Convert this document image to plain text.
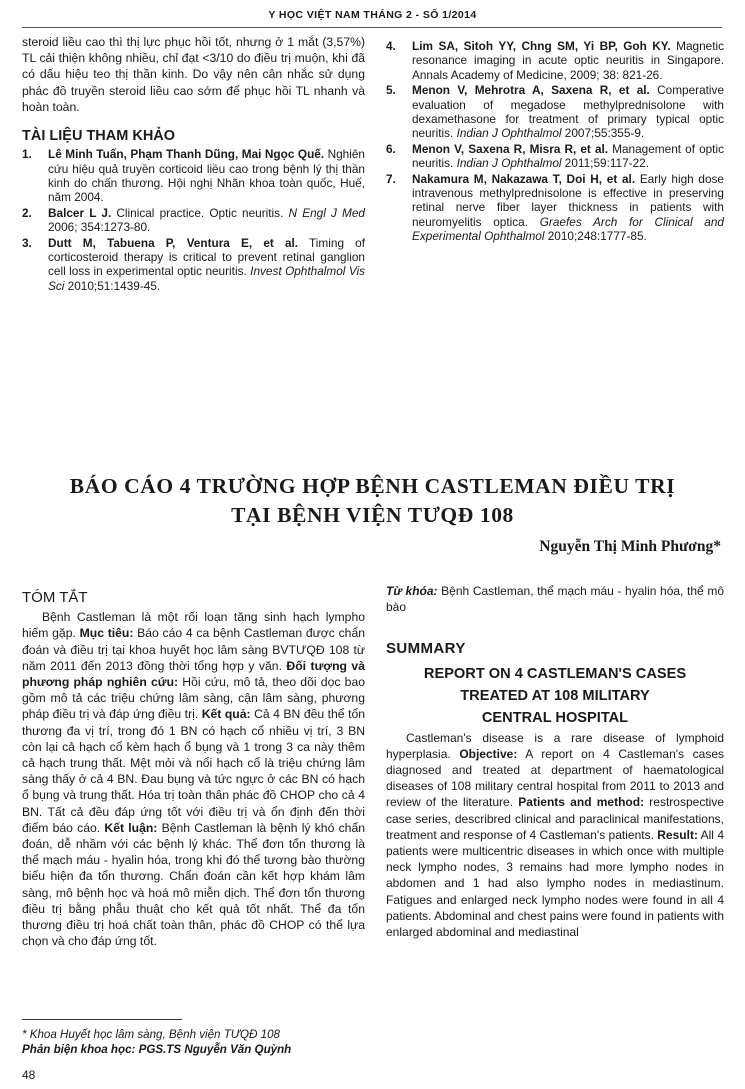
Y HỌC VIỆT NAM THÁNG 2 - SỐ 1/2014

steroid liều cao thì thị lực phục hồi tốt, nhưng ở 1 mắt (3,57%) TL cải thiện không nhiều, chỉ đạt <3/10 do điều trị muộn, khi đã có dấu hiệu teo thị thần kinh. Do vậy nên cân nhắc sử dụng phác đồ truyền steroid liều cao sớm để phục hồi TL nhanh và hoàn toàn.

TÀI LIỆU THAM KHẢO
1. Lê Minh Tuấn, Phạm Thanh Dũng, Mai Ngọc Quế. Nghiên cứu hiệu quả truyền corticoid liều cao trong bệnh lý thị thần kinh do chấn thương. Hội nghị Nhãn khoa toàn quốc, Huế, năm 2004.
2. Balcer L J. Clinical practice. Optic neuritis. N Engl J Med 2006; 354:1273-80.
3. Dutt M, Tabuena P, Ventura E, et al. Timing of corticosteroid therapy is critical to prevent retinal ganglion cell loss in experimental optic neuritis. Invest Ophthalmol Vis Sci 2010;51:1439-45.
4. Lim SA, Sitoh YY, Chng SM, Yi BP, Goh KY. Magnetic resonance imaging in acute optic neuritis in Singapore. Annals Academy of Medicine, 2009; 38: 821-26.
5. Menon V, Mehrotra A, Saxena R, et al. Comperative evaluation of megadose methylprednisolone with dexamethasone for treatment of primary typical optic neuritis. Indian J Ophthalmol 2007;55:355-9.
6. Menon V, Saxena R, Misra R, et al. Management of optic neuritis. Indian J Ophthalmol 2011;59:117-22.
7. Nakamura M, Nakazawa T, Doi H, et al. Early high dose intravenous methylprednisolone is effective in preserving retinal nerve fiber layer thickness in patients with neuromyelitis optica. Graefes Arch for Clinical and Experimental Ophthalmol 2010;248:1777-85.
BÁO CÁO 4 TRƯỜNG HỢP BỆNH CASTLEMAN ĐIỀU TRỊ
TẠI BỆNH VIỆN TƯQĐ 108
Nguyễn Thị Minh Phương*
TÓM TẮT

Bệnh Castleman là một rối loạn tăng sinh hạch lympho hiếm gặp. Mục tiêu: Báo cáo 4 ca bệnh Castleman được chẩn đoán và điều trị tại khoa huyết học lâm sàng BVTƯQĐ 108 từ năm 2011 đến 2013 đồng thời tổng hợp y văn. Đối tượng và phương pháp nghiên cứu: Hồi cứu, mô tả, theo dõi dọc bao gồm mô tả các triệu chứng lâm sàng, cận lâm sàng, phương pháp điều trị và đáp ứng điều trị. Kết quả: Cả 4 BN đều thể tổn thương đa vị trí, trong đó 1 BN có hạch cổ nhiều vị trí, 3 BN còn lại cả hạch cổ kèm hạch ổ bụng và 1 trong 3 ca này thêm cả hạch trung thất. Mệt mỏi và nổi hạch cổ là triệu chứng lâm sàng thấy ở cả 4 BN. Đau bụng và tức ngực ở các BN có hạch ổ bụng và trung thất. Hóa trị toàn thân phác đồ CHOP cho cả 4 BN. Tất cả đều đáp ứng tốt với điều trị và ổn định đến thời điểm báo cáo. Kết luận: Bệnh Castleman là bệnh lý khó chẩn đoán, dễ nhầm với các bệnh lý khác. Thể đơn tổn thương là thể mạch máu - hyalin hóa, trong khi đó thể tương bào thường biểu hiện đa tổn thương. Chẩn đoán cần kết hợp khám lâm sàng, mô bệnh học và hoá mô miễn dịch. Thể đơn tổn thương điều trị bằng phẫu thuật cho kết quả tốt nhất. Thể đa tổn thương điều trị hoá chất toàn thân, phác đồ CHOP có thể lựa chọn và cho đáp ứng tốt.

Từ khóa: Bệnh Castleman, thể mạch máu - hyalin hóa, thể mô bào

SUMMARY
REPORT ON 4 CASTLEMAN'S CASES
TREATED AT 108 MILITARY
CENTRAL HOSPITAL

Castleman's disease is a rare disease of lymphoid hyperplasia. Objective: A report on 4 Castleman's cases diagnosed and treated at department of haematological diseases of 108 military central hospital from 2011 to 2013 and review of the literature. Patients and method: restrospective case series, describred clinical and paraclinical manifestations, treatment and response of 4 Castleman's patients. Result: All 4 patients were multicentric diseases in which once with multiple neck lympho nodes, 3 remains had more lympho nodes in abdomen and 1 had also lympho nodes in mediastinum. Fatigues and enlarged neck lympho nodes were found in all 4 patients. Abdominal and chest pains were found in patients with enlarged abdominal and mediastinal

* Khoa Huyết học lâm sàng, Bệnh viện TƯQĐ 108
Phản biện khoa học: PGS.TS Nguyễn Văn Quỳnh
48
